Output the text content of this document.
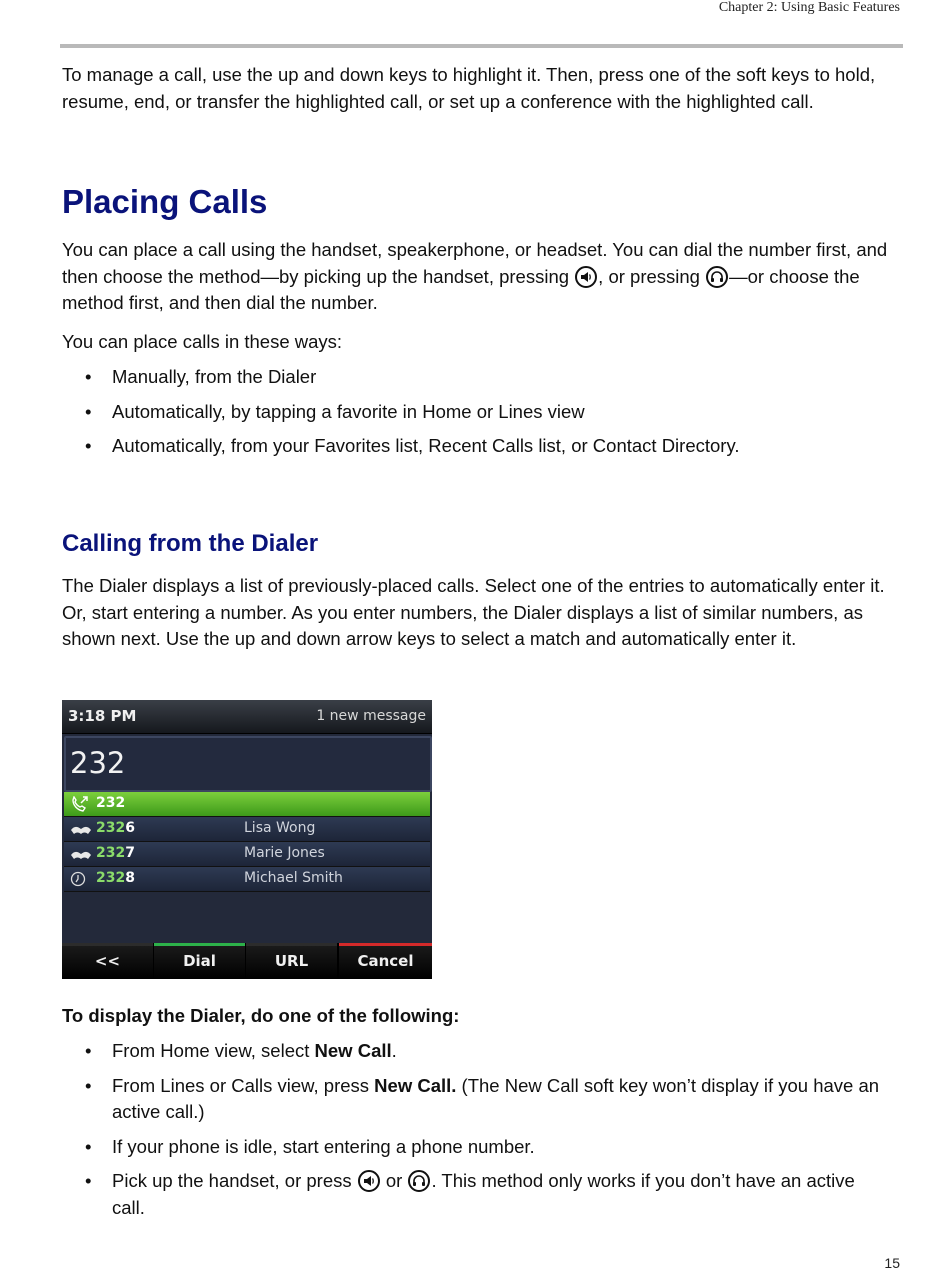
Chapter 2: Using Basic Features

To manage a call, use the up and down keys to highlight it. Then, press one of the soft keys to hold, resume, end, or transfer the highlighted call, or set up a conference with the highlighted call.

Placing Calls

You can place a call using the handset, speakerphone, or headset. You can dial the number first, and then choose the method—by picking up the handset, pressing , or pressing —or choose the method first, and then dial the number.

You can place calls in these ways:

• Manually, from the Dialer
• Automatically, by tapping a favorite in Home or Lines view
• Automatically, from your Favorites list, Recent Calls list, or Contact Directory.
Calling from the Dialer

The Dialer displays a list of previously-placed calls. Select one of the entries to automatically enter it. Or, start entering a number. As you enter numbers, the Dialer displays a list of similar numbers, as shown next. Use the up and down arrow keys to select a match and automatically enter it.

3:18 PM	1 new message
232
232
2326	Lisa Wong
2327	Marie Jones
2328	Michael Smith
<<	Dial	URL	Cancel

To display the Dialer, do one of the following:

• From Home view, select New Call.
• From Lines or Calls view, press New Call. (The New Call soft key won’t display if you have an active call.)
• If your phone is idle, start entering a phone number.
• Pick up the handset, or press or . This method only works if you don’t have an active call.
15
